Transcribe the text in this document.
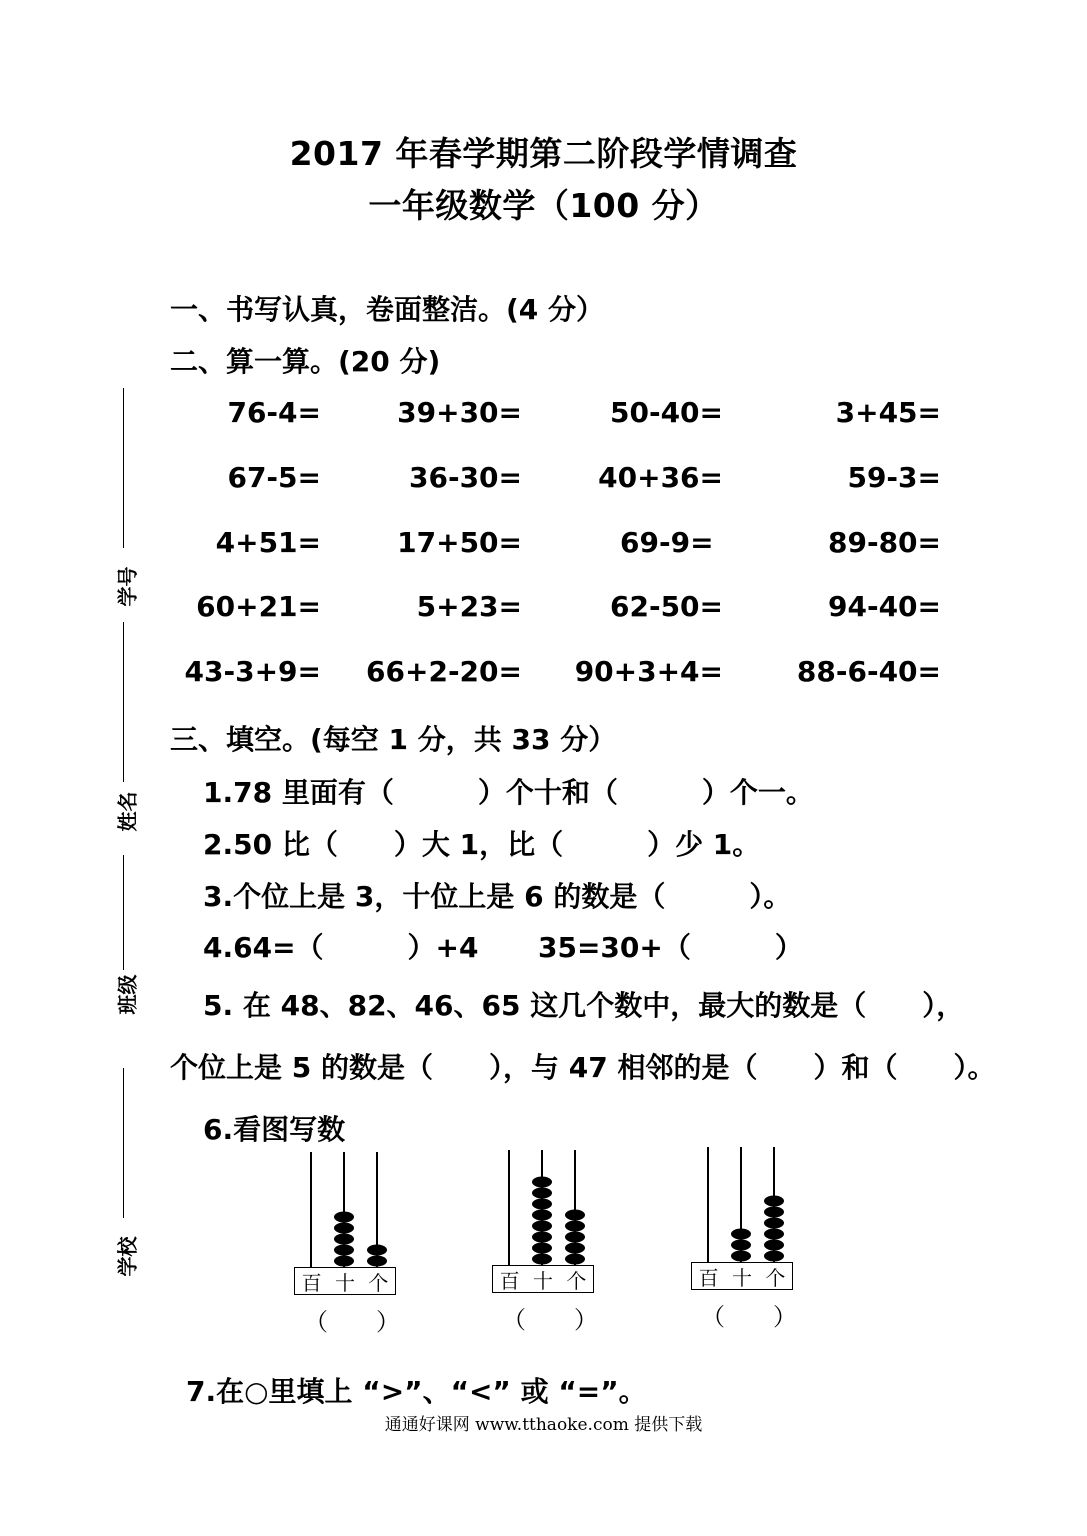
2017 年春学期第二阶段学情调查
一年级数学（100 分）
学号
姓名
班级
学校
一、书写认真，卷面整洁。(4 分）
二、算一算。(20 分)
76-4=	39+30=	50-40=	3+45=
67-5=	36-30=	40+36=	59-3=
4+51=	17+50=	69-9=	89-80=
60+21=	5+23=	62-50=	94-40=
43-3+9= 66+2-20= 90+3+4=	88-6-40=
三、填空。(每空 1 分，共 33 分）
1.78 里面有（　　　）个十和（　　　）个一。
2.50 比（　　）大 1，比（　　　）少 1。
3.个位上是 3，十位上是 6 的数是（　　　）。
4.64=（　　　）+4 35=30+（　　　）
5. 在 48、82、46、65 这几个数中，最大的数是（　　），
个位上是 5 的数是（　　），与 47 相邻的是（　　）和（　　）。
6.看图写数
百 十 个
（　　）
百 十 个
（　　）
百 十 个
（　　）
7.在○里填上 “>”、“<” 或 “=”。
通通好课网 www.tthaoke.com 提供下载
